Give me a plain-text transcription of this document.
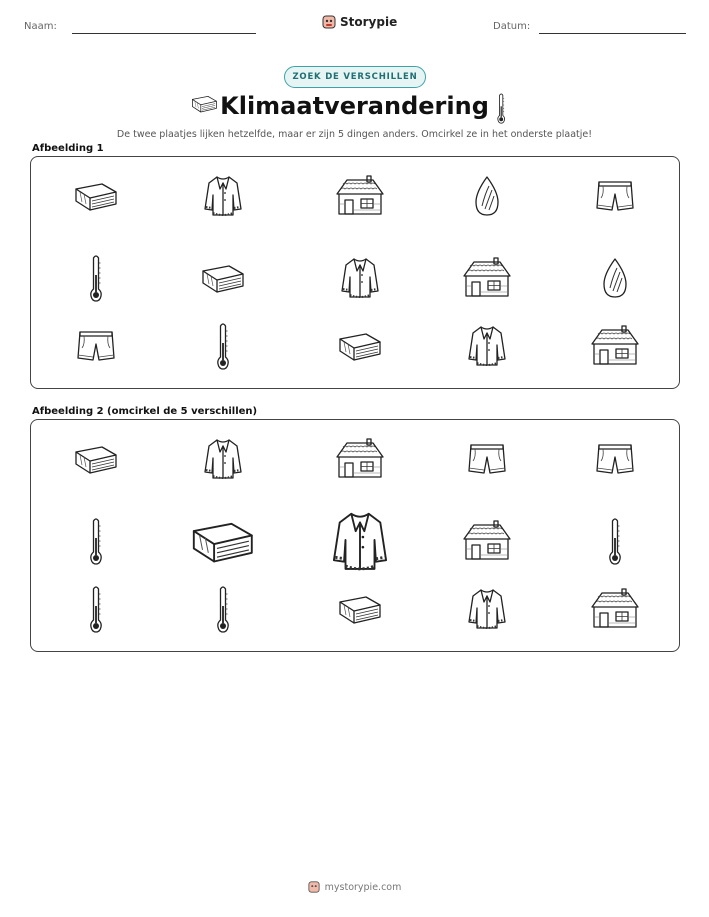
Naam:	Storypie	Datum:
ZOEK DE VERSCHILLEN
Klimaatverandering
De twee plaatjes lijken hetzelfde, maar er zijn 5 dingen anders. Omcirkel ze in het onderste plaatje!
Afbeelding 1
Afbeelding 2 (omcirkel de 5 verschillen)
mystorypie.com
